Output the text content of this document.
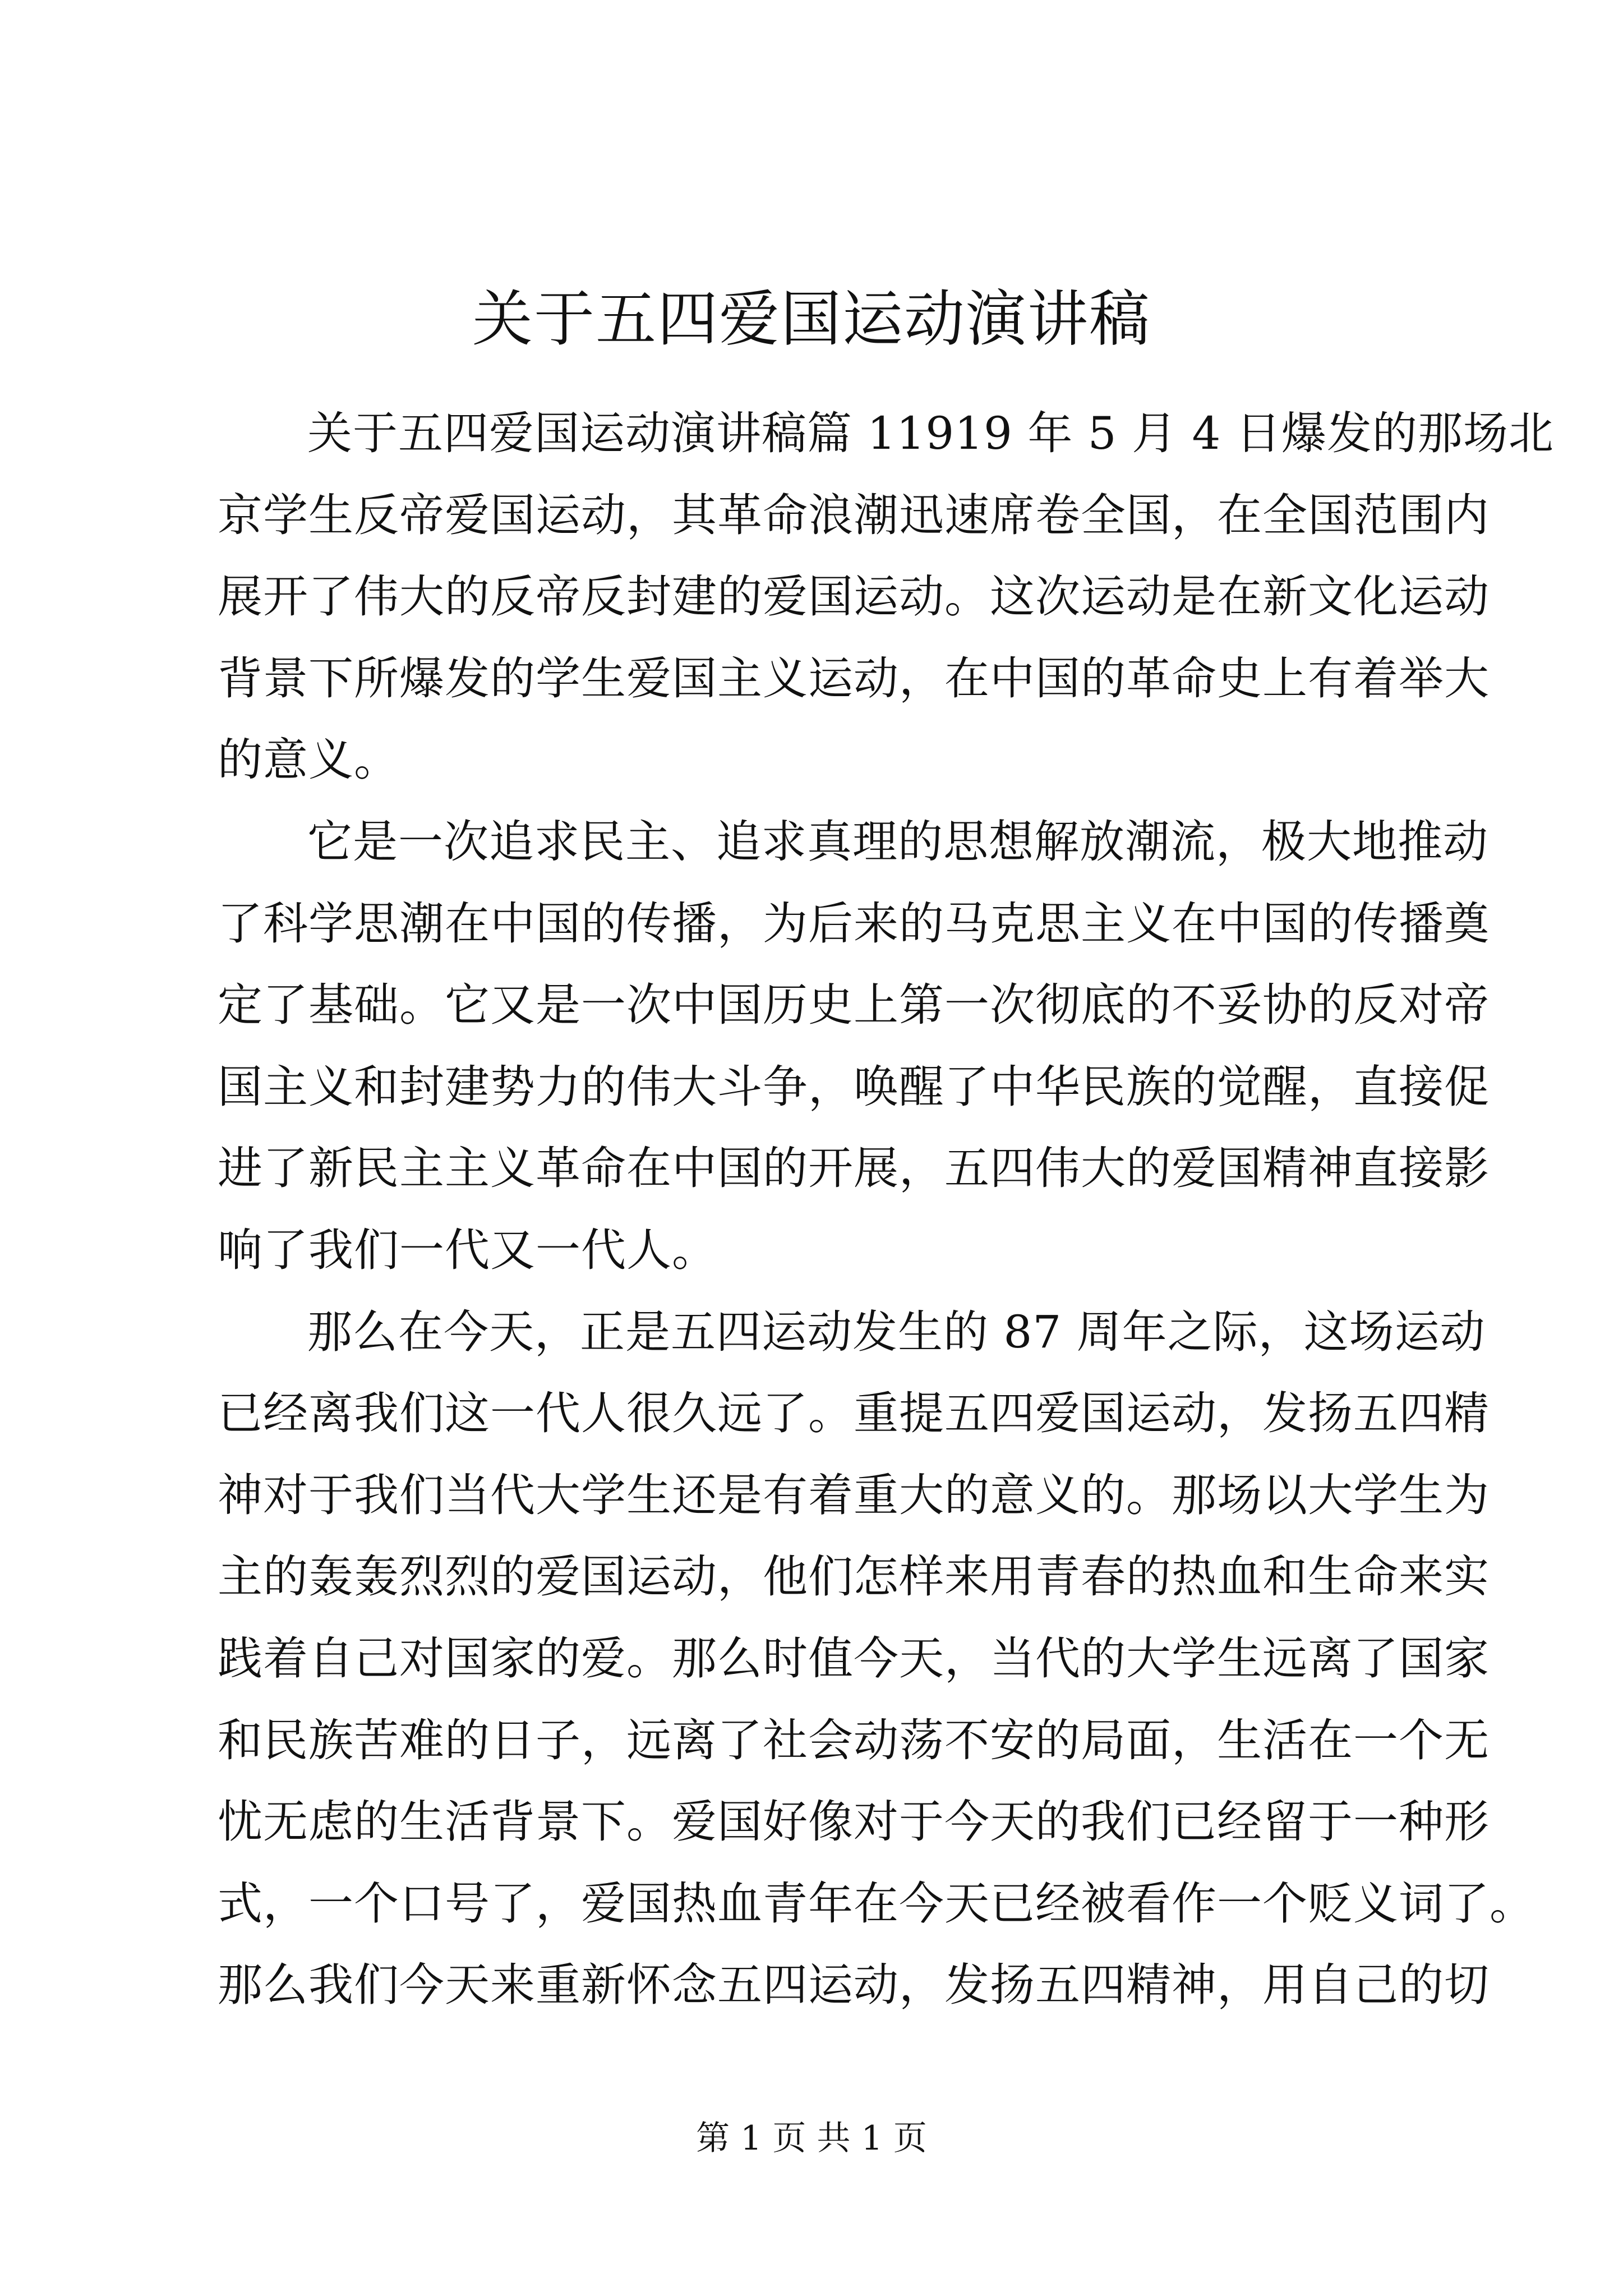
关于五四爱国运动演讲稿
关于五四爱国运动演讲稿篇 11919 年 5 月 4 日爆发的那场北
京学生反帝爱国运动，其革命浪潮迅速席卷全国，在全国范围内
展开了伟大的反帝反封建的爱国运动。这次运动是在新文化运动
背景下所爆发的学生爱国主义运动，在中国的革命史上有着举大
的意义。
它是一次追求民主、追求真理的思想解放潮流，极大地推动
了科学思潮在中国的传播，为后来的马克思主义在中国的传播奠
定了基础。它又是一次中国历史上第一次彻底的不妥协的反对帝
国主义和封建势力的伟大斗争，唤醒了中华民族的觉醒，直接促
进了新民主主义革命在中国的开展，五四伟大的爱国精神直接影
响了我们一代又一代人。
那么在今天，正是五四运动发生的 87 周年之际，这场运动
已经离我们这一代人很久远了。重提五四爱国运动，发扬五四精
神对于我们当代大学生还是有着重大的意义的。那场以大学生为
主的轰轰烈烈的爱国运动，他们怎样来用青春的热血和生命来实
践着自己对国家的爱。那么时值今天，当代的大学生远离了国家
和民族苦难的日子，远离了社会动荡不安的局面，生活在一个无
忧无虑的生活背景下。爱国好像对于今天的我们已经留于一种形
式，一个口号了，爱国热血青年在今天已经被看作一个贬义词了。
那么我们今天来重新怀念五四运动，发扬五四精神，用自己的切
第 1 页 共 1 页
